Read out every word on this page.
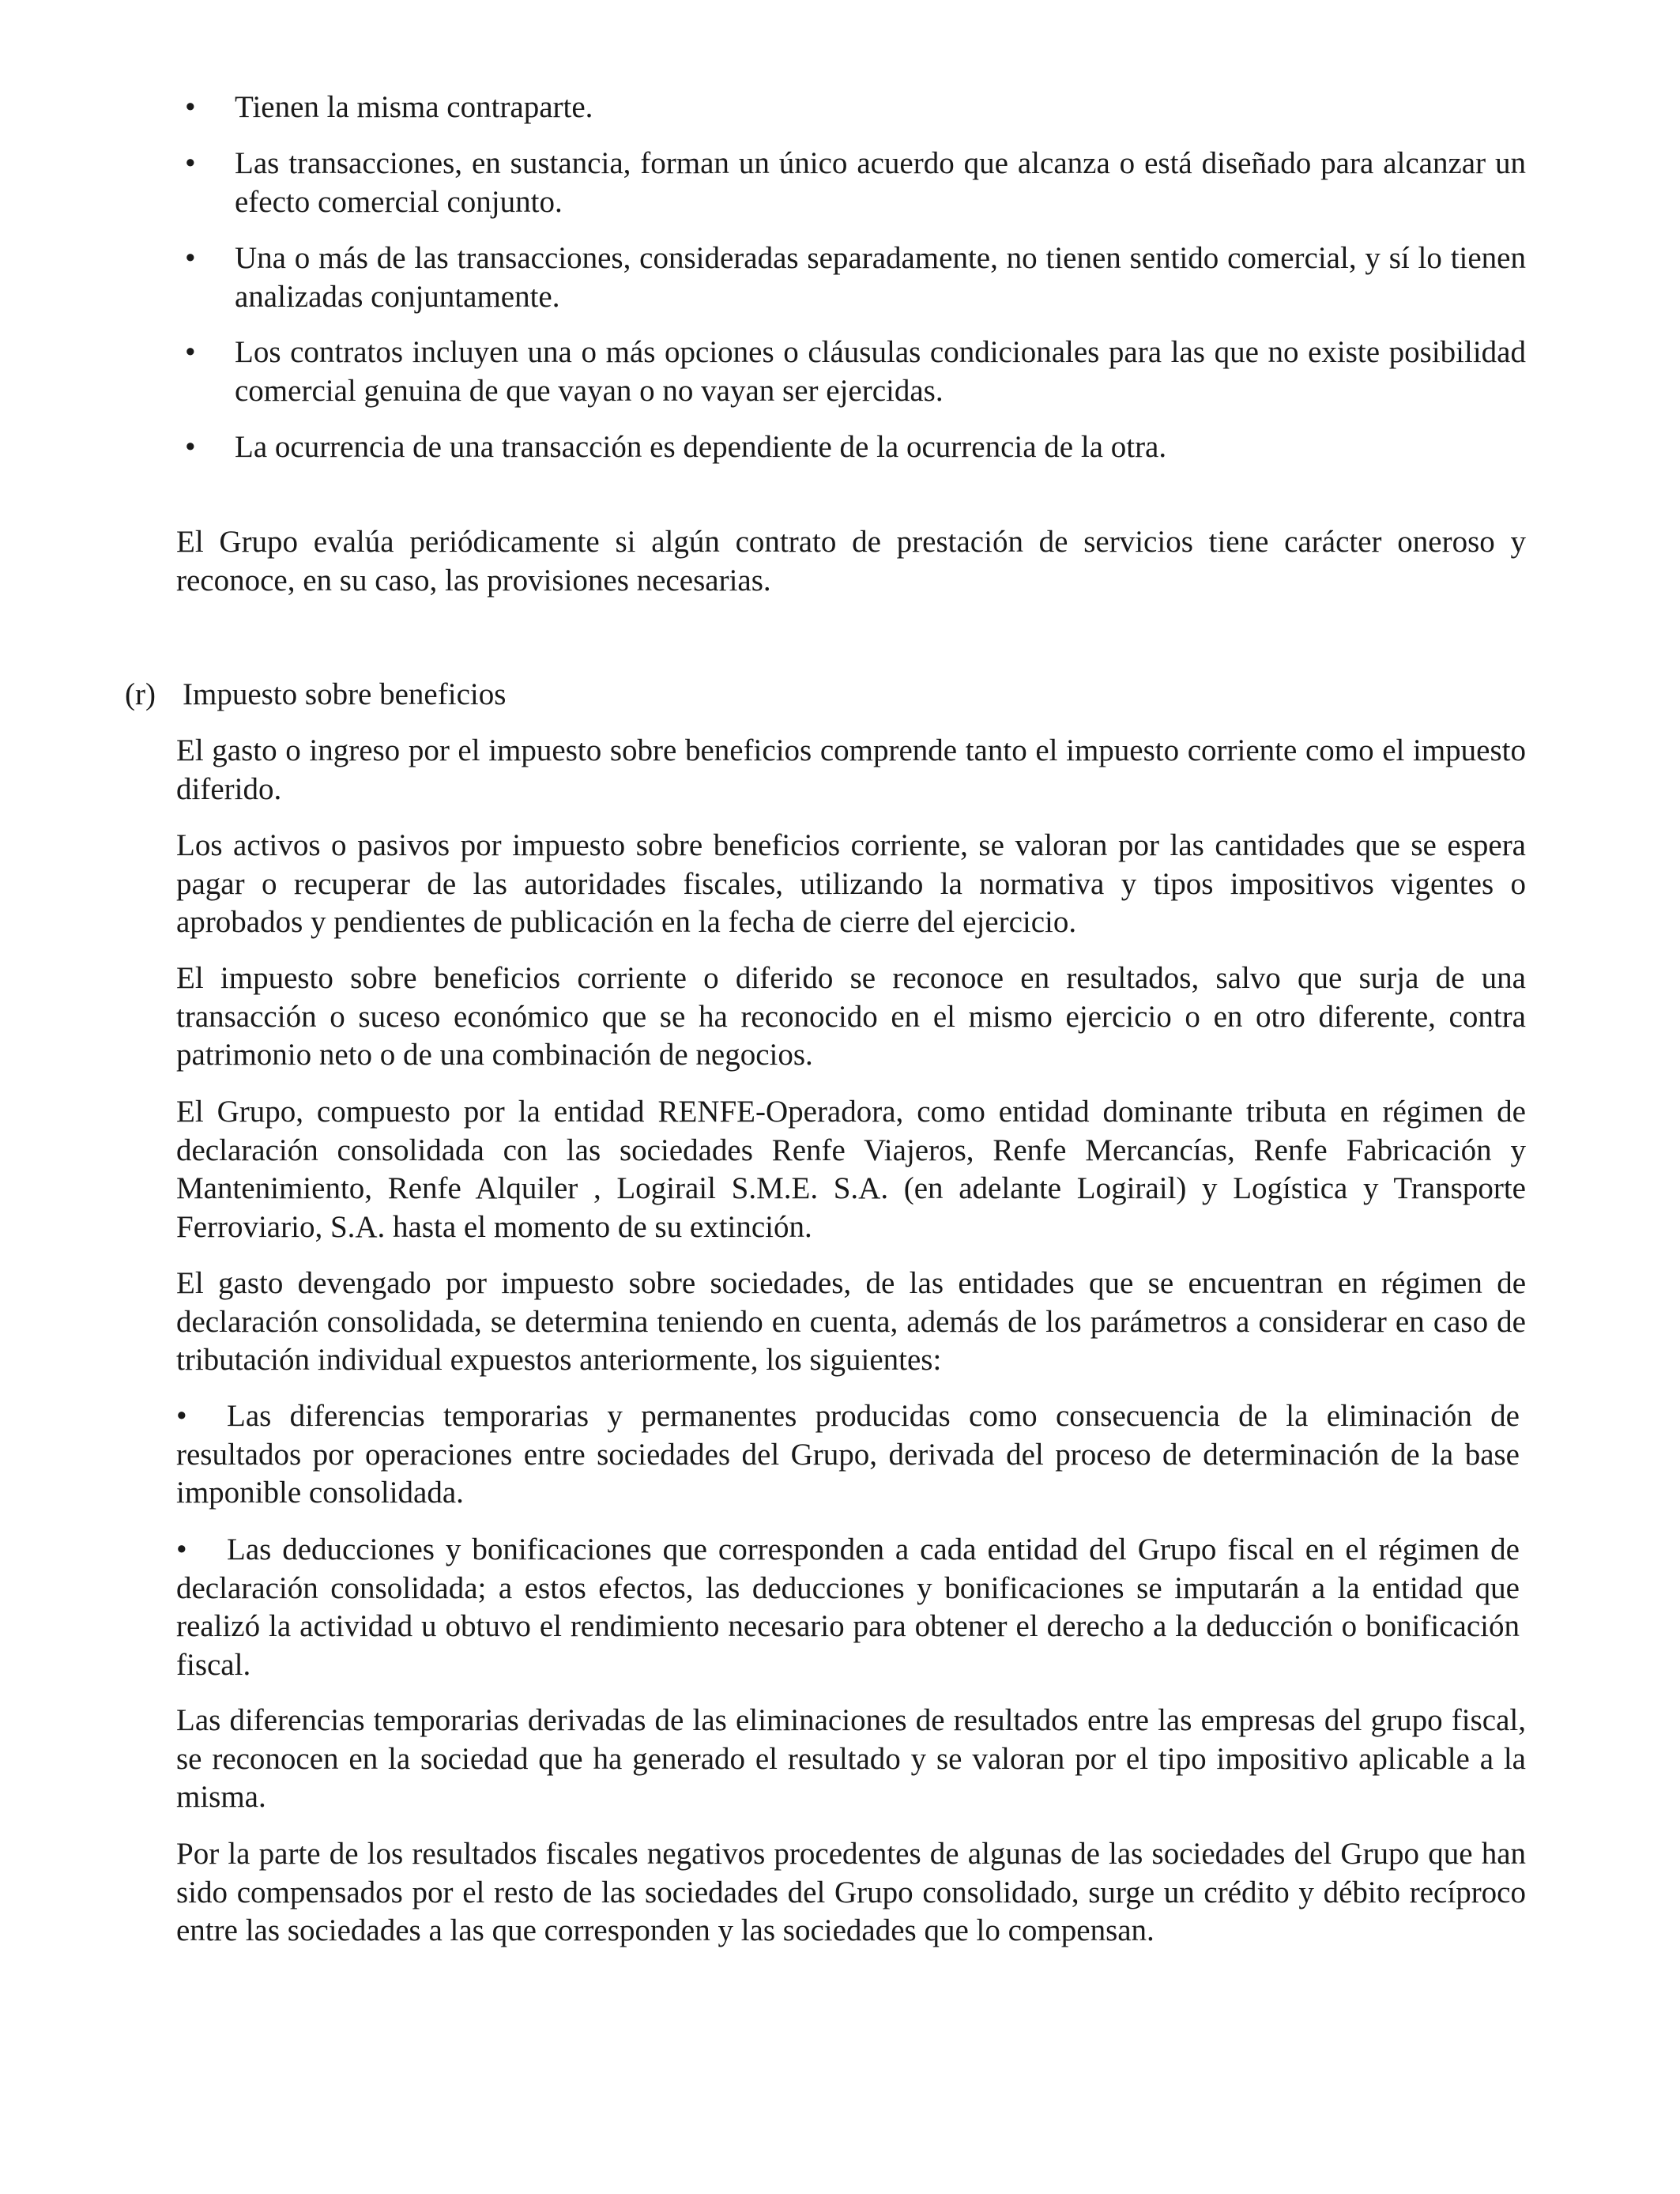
• Tienen la misma contraparte.

• Las transacciones, en sustancia, forman un único acuerdo que alcanza o está diseñado para alcanzar un efecto comercial conjunto.

• Una o más de las transacciones, consideradas separadamente, no tienen sentido comercial, y sí lo tienen analizadas conjuntamente.

• Los contratos incluyen una o más opciones o cláusulas condicionales para las que no existe posibilidad comercial genuina de que vayan o no vayan ser ejercidas.

• La ocurrencia de una transacción es dependiente de la ocurrencia de la otra.

El Grupo evalúa periódicamente si algún contrato de prestación de servicios tiene carácter oneroso y reconoce, en su caso, las provisiones necesarias.

(r) Impuesto sobre beneficios

El gasto o ingreso por el impuesto sobre beneficios comprende tanto el impuesto corriente como el impuesto diferido.

Los activos o pasivos por impuesto sobre beneficios corriente, se valoran por las cantidades que se espera pagar o recuperar de las autoridades fiscales, utilizando la normativa y tipos impositivos vigentes o aprobados y pendientes de publicación en la fecha de cierre del ejercicio.

El impuesto sobre beneficios corriente o diferido se reconoce en resultados, salvo que surja de una transacción o suceso económico que se ha reconocido en el mismo ejercicio o en otro diferente, contra patrimonio neto o de una combinación de negocios.

El Grupo, compuesto por la entidad RENFE-Operadora, como entidad dominante tributa en régimen de declaración consolidada con las sociedades Renfe Viajeros, Renfe Mercancías, Renfe Fabricación y Mantenimiento, Renfe Alquiler , Logirail S.M.E. S.A. (en adelante Logirail) y Logística y Transporte Ferroviario, S.A. hasta el momento de su extinción.

El gasto devengado por impuesto sobre sociedades, de las entidades que se encuentran en régimen de declaración consolidada, se determina teniendo en cuenta, además de los parámetros a considerar en caso de tributación individual expuestos anteriormente, los siguientes:

• Las diferencias temporarias y permanentes producidas como consecuencia de la eliminación de resultados por operaciones entre sociedades del Grupo, derivada del proceso de determinación de la base imponible consolidada.

• Las deducciones y bonificaciones que corresponden a cada entidad del Grupo fiscal en el régimen de declaración consolidada; a estos efectos, las deducciones y bonificaciones se imputarán a la entidad que realizó la actividad u obtuvo el rendimiento necesario para obtener el derecho a la deducción o bonificación fiscal.

Las diferencias temporarias derivadas de las eliminaciones de resultados entre las empresas del grupo fiscal, se reconocen en la sociedad que ha generado el resultado y se valoran por el tipo impositivo aplicable a la misma.

Por la parte de los resultados fiscales negativos procedentes de algunas de las sociedades del Grupo que han sido compensados por el resto de las sociedades del Grupo consolidado, surge un crédito y débito recíproco entre las sociedades a las que corresponden y las sociedades que lo compensan.
